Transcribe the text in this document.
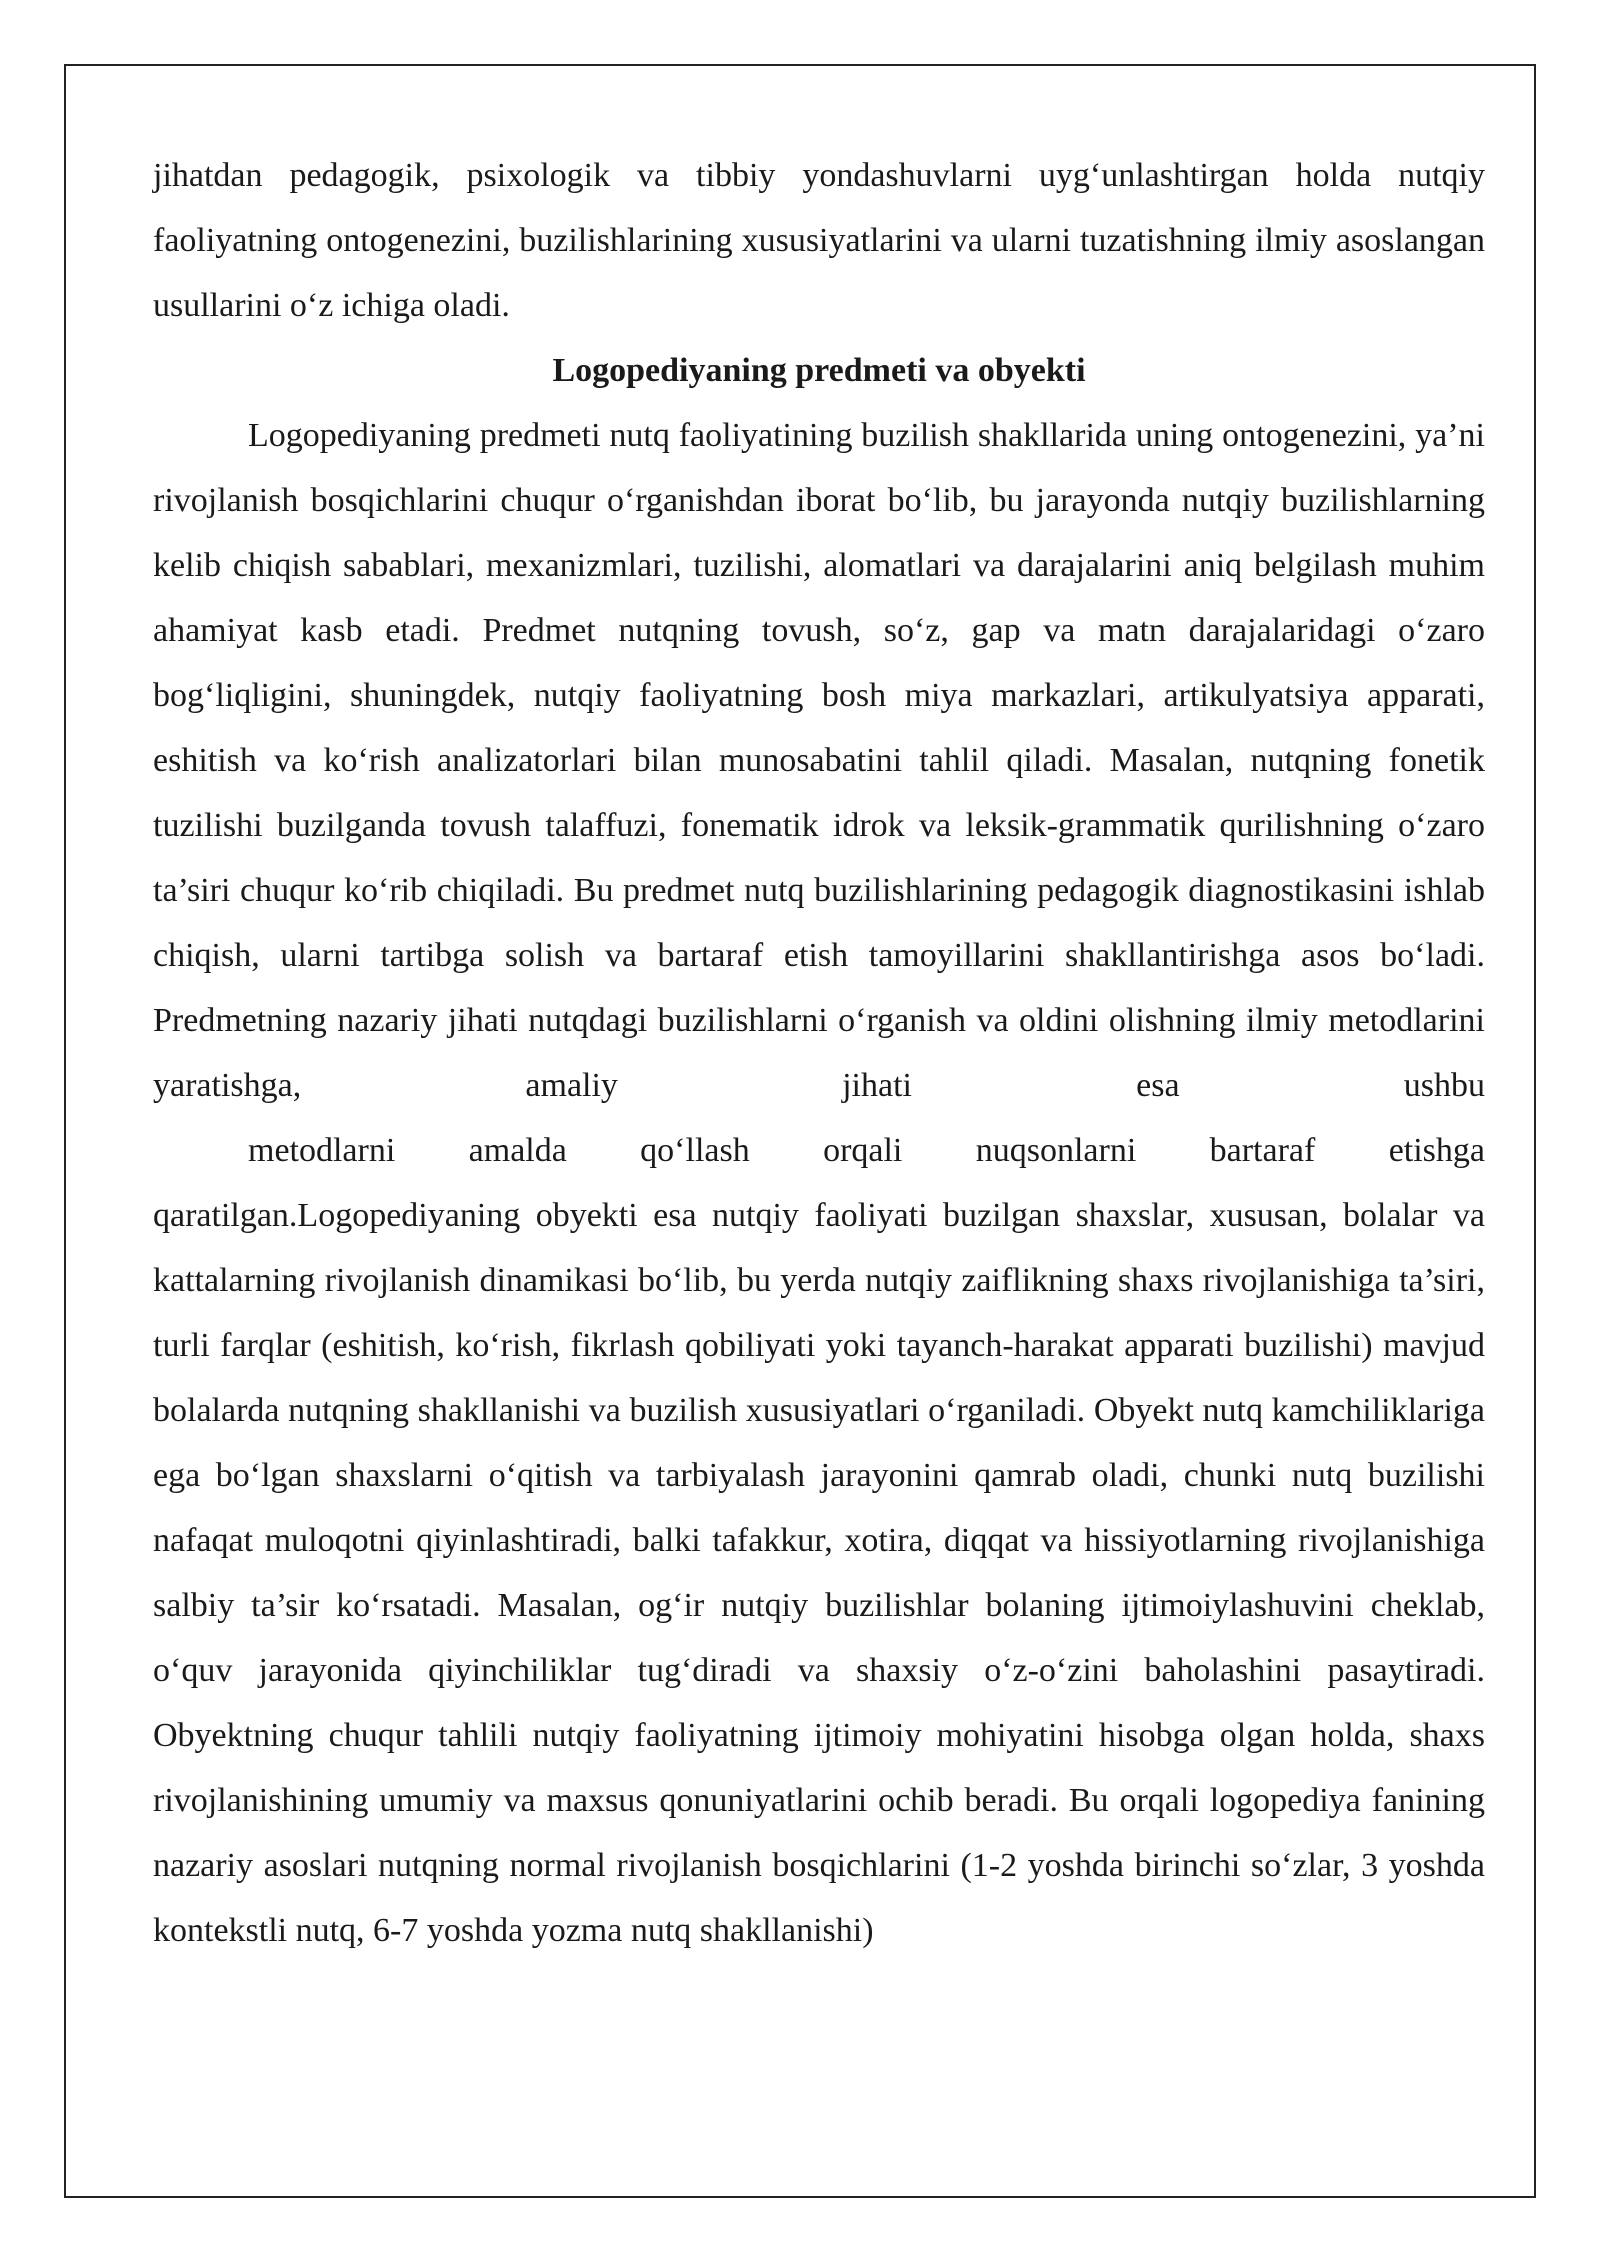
jihatdan pedagogik, psixologik va tibbiy yondashuvlarni uyg‘unlashtirgan holda nutqiy faoliyatning ontogenezini, buzilishlarining xususiyatlarini va ularni tuzatishning ilmiy asoslangan usullarini o‘z ichiga oladi.

Logopediyaning predmeti va obyekti

Logopediyaning predmeti nutq faoliyatining buzilish shakllarida uning ontogenezini, ya’ni rivojlanish bosqichlarini chuqur o‘rganishdan iborat bo‘lib, bu jarayonda nutqiy buzilishlarning kelib chiqish sabablari, mexanizmlari, tuzilishi, alomatlari va darajalarini aniq belgilash muhim ahamiyat kasb etadi. Predmet nutqning tovush, so‘z, gap va matn darajalaridagi o‘zaro bog‘liqligini, shuningdek, nutqiy faoliyatning bosh miya markazlari, artikulyatsiya apparati, eshitish va ko‘rish analizatorlari bilan munosabatini tahlil qiladi. Masalan, nutqning fonetik tuzilishi buzilganda tovush talaffuzi, fonematik idrok va leksik-grammatik qurilishning o‘zaro ta’siri chuqur ko‘rib chiqiladi. Bu predmet nutq buzilishlarining pedagogik diagnostikasini ishlab chiqish, ularni tartibga solish va bartaraf etish tamoyillarini shakllantirishga asos bo‘ladi. Predmetning nazariy jihati nutqdagi buzilishlarni o‘rganish va oldini olishning ilmiy metodlarini yaratishga, amaliy jihati esa ushbu metodlarni amalda qo‘llash orqali nuqsonlarni bartaraf etishgaqaratilgan.Logopediyaning obyekti esa nutqiy faoliyati buzilgan shaxslar, xususan, bolalar va kattalarning rivojlanish dinamikasi bo‘lib, bu yerda nutqiy zaiflikning shaxs rivojlanishiga ta’siri, turli farqlar (eshitish, ko‘rish, fikrlash qobiliyati yoki tayanch-harakat apparati buzilishi) mavjud bolalarda nutqning shakllanishi va buzilish xususiyatlari o‘rganiladi. Obyekt nutq kamchiliklariga ega bo‘lgan shaxslarni o‘qitish va tarbiyalash jarayonini qamrab oladi, chunki nutq buzilishi nafaqat muloqotni qiyinlashtiradi, balki tafakkur, xotira, diqqat va hissiyotlarning rivojlanishiga salbiy ta’sir ko‘rsatadi. Masalan, og‘ir nutqiy buzilishlar bolaning ijtimoiylashuvini cheklab, o‘quv jarayonida qiyinchiliklar tug‘diradi va shaxsiy o‘z-o‘zini baholashini pasaytiradi. Obyektning chuqur tahlili nutqiy faoliyatning ijtimoiy mohiyatini hisobga olgan holda, shaxs rivojlanishining umumiy va maxsus qonuniyatlarini ochib beradi. Bu orqali logopediya fanining nazariy asoslari nutqning normal rivojlanish bosqichlarini (1-2 yoshda birinchi so‘zlar, 3 yoshda kontekstli nutq, 6-7 yoshda yozma nutq shakllanishi)
